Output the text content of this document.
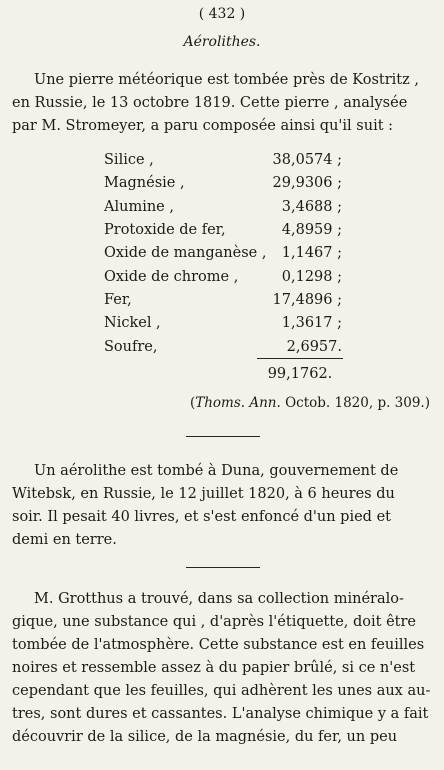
( 432 )
Aérolithes.
Une pierre météorique est tombée près de Kostritz ,
en Russie, le 13 octobre 1819. Cette pierre , analysée
par M. Stromeyer, a paru composée ainsi qu'il suit :
Silice ,	38,0574 ;
Magnésie ,	29,9306 ;
Alumine ,	3,4688 ;
Protoxide de fer,	4,8959 ;
Oxide de manganèse ,	1,1467 ;
Oxide de chrome ,	0,1298 ;
Fer,	17,4896 ;
Nickel ,	1,3617 ;
Soufre,	2,6957.
99,1762.
(Thoms. Ann. Octob. 1820, p. 309.)
Un aérolithe est tombé à Duna, gouvernement de
Witebsk, en Russie, le 12 juillet 1820, à 6 heures du
soir. Il pesait 40 livres, et s'est enfoncé d'un pied et
demi en terre.
M. Grotthus a trouvé, dans sa collection minéralo-
gique, une substance qui , d'après l'étiquette, doit être
tombée de l'atmosphère. Cette substance est en feuilles
noires et ressemble assez à du papier brûlé, si ce n'est
cependant que les feuilles, qui adhèrent les unes aux au-
tres, sont dures et cassantes. L'analyse chimique y a fait
découvrir de la silice, de la magnésie, du fer, un peu
